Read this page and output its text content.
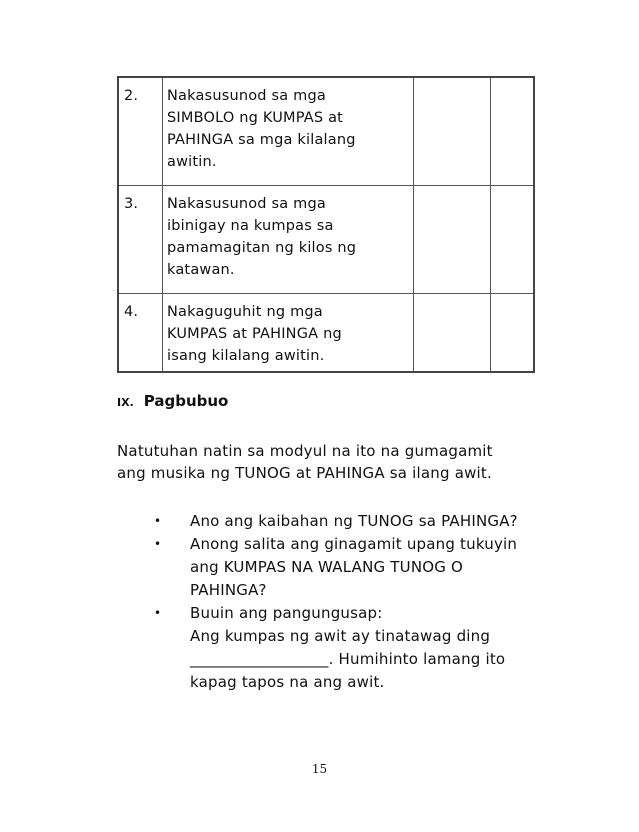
2.	Nakasusunod sa mga
SIMBOLO ng KUMPAS at
PAHINGA sa mga kilalang
awitin.		

3.	Nakasusunod sa mga
ibinigay na kumpas sa
pamamagitan ng kilos ng
katawan.		

4.	Nakaguguhit ng mga
KUMPAS at PAHINGA ng
isang kilalang awitin.		

IX. Pagbubuo
Natutuhan natin sa modyul na ito na gumagamit
ang musika ng TUNOG at PAHINGA sa ilang awit.
• Ano ang kaibahan ng TUNOG sa PAHINGA?
• Anong salita ang ginagamit upang tukuyin
ang KUMPAS NA WALANG TUNOG O
PAHINGA?
• Buuin ang pangungusap:
Ang kumpas ng awit ay tinatawag ding
__________________. Humihinto lamang ito
kapag tapos na ang awit.
15
